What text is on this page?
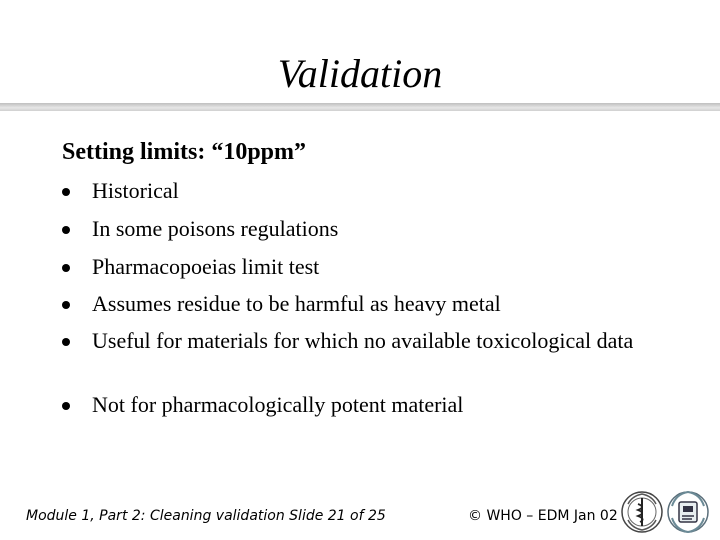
Validation
Setting limits: “10ppm”
Historical
In some poisons regulations
Pharmacopoeias limit test
Assumes residue to be harmful as heavy metal
Useful for materials for which no available toxicological data
Not for pharmacologically potent material
Module 1, Part 2: Cleaning validation Slide 21 of 25	© WHO – EDM Jan 02
